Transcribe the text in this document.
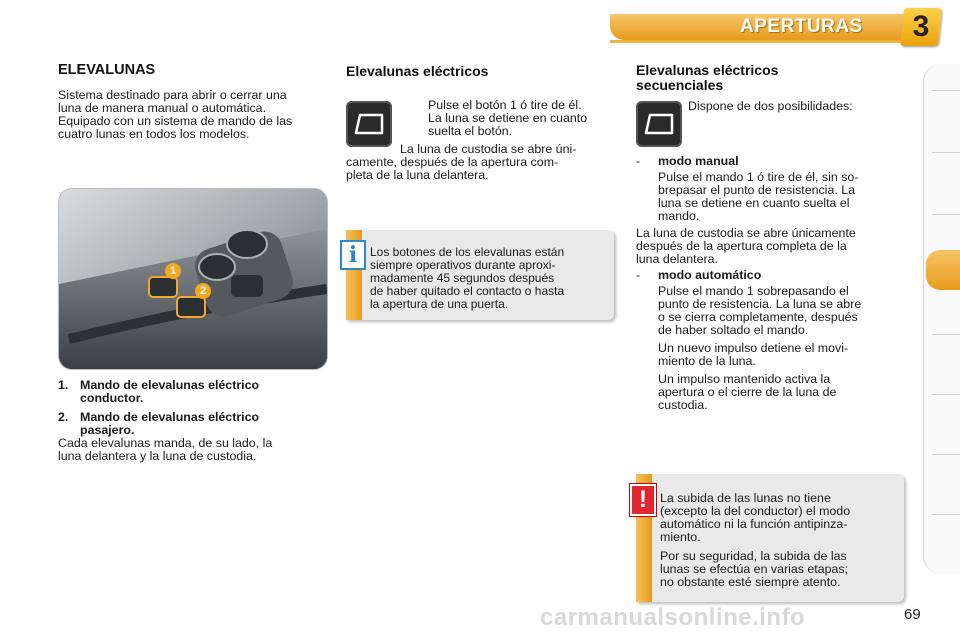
APERTURAS	3
ELEVALUNAS
Sistema destinado para abrir o cerrar una
luna de manera manual o automática.
Equipado con un sistema de mando de las
cuatro lunas en todos los modelos.
1
2
1. Mando de elevalunas eléctrico
conductor.
2. Mando de elevalunas eléctrico
pasajero.
Cada elevalunas manda, de su lado, la
luna delantera y la luna de custodia.
Elevalunas eléctricos
Pulse el botón 1 ó tire de él.
La luna se detiene en cuanto
suelta el botón.
La luna de custodia se abre úni-
camente, después de la apertura com-
pleta de la luna delantera.
i	Los botones de los elevalunas están
siempre operativos durante aproxi-
madamente 45 segundos después
de haber quitado el contacto o hasta
la apertura de una puerta.
Elevalunas eléctricos
secuenciales
Dispone de dos posibilidades:
- modo manual
Pulse el mando 1 ó tire de él, sin so-
brepasar el punto de resistencia. La
luna se detiene en cuanto suelta el
mando.
La luna de custodia se abre únicamente
después de la apertura completa de la
luna delantera.
- modo automático
Pulse el mando 1 sobrepasando el
punto de resistencia. La luna se abre
o se cierra completamente, después
de haber soltado el mando.
Un nuevo impulso detiene el movi-
miento de la luna.
Un impulso mantenido activa la
apertura o el cierre de la luna de
custodia.
!	La subida de las lunas no tiene
(excepto la del conductor) el modo
automático ni la función antipinza-
miento.
Por su seguridad, la subida de las
lunas se efectúa en varias etapas;
no obstante esté siempre atento.
carmanualsonline.info	69
